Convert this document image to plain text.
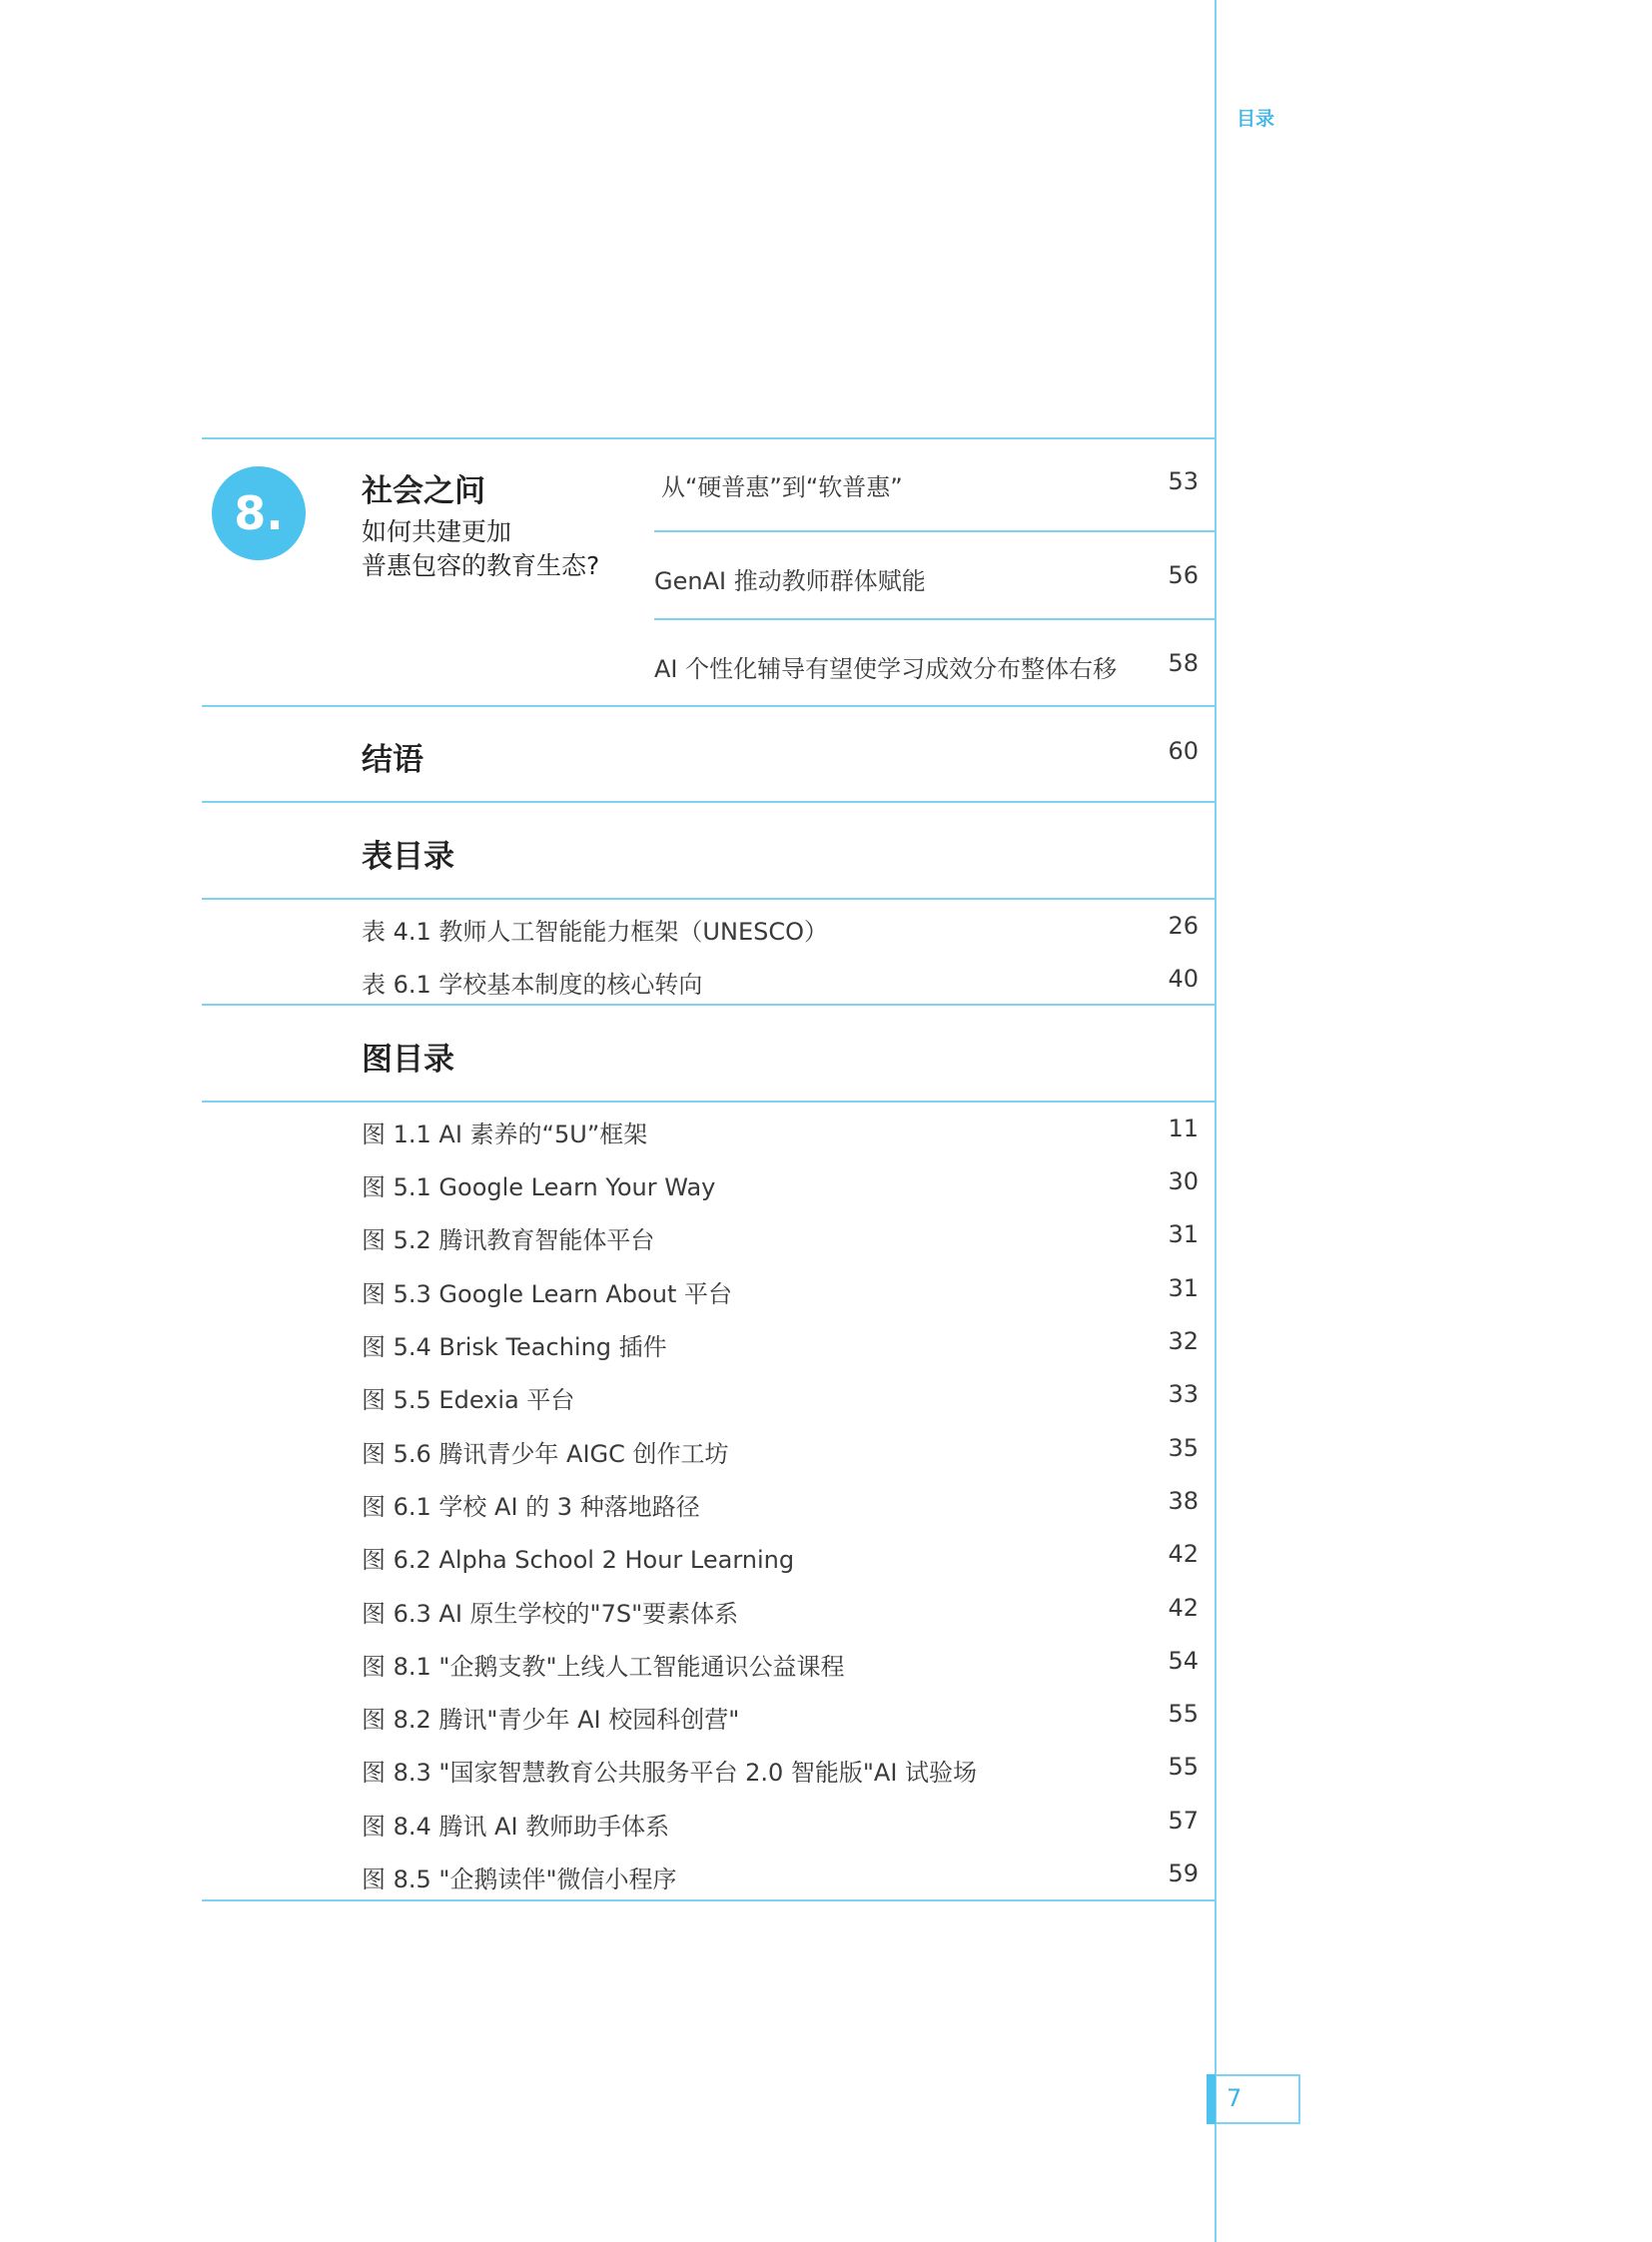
目录
8.	社会之问
如何共建更加
普惠包容的教育生态?
从“硬普惠”到“软普惠”	53
GenAI 推动教师群体赋能	56
AI 个性化辅导有望使学习成效分布整体右移	58
结语	60
表目录
表 4.1 教师人工智能能力框架（UNESCO）	26
表 6.1 学校基本制度的核心转向	40
图目录
图 1.1 AI 素养的“5U”框架	11
图 5.1 Google Learn Your Way	30
图 5.2 腾讯教育智能体平台	31
图 5.3 Google Learn About 平台	31
图 5.4 Brisk Teaching 插件	32
图 5.5 Edexia 平台	33
图 5.6 腾讯青少年 AIGC 创作工坊	35
图 6.1 学校 AI 的 3 种落地路径	38
图 6.2 Alpha School 2 Hour Learning	42
图 6.3 AI 原生学校的"7S"要素体系	42
图 8.1 "企鹅支教"上线人工智能通识公益课程	54
图 8.2 腾讯"青少年 AI 校园科创营"	55
图 8.3 "国家智慧教育公共服务平台 2.0 智能版"AI 试验场	55
图 8.4 腾讯 AI 教师助手体系	57
图 8.5 "企鹅读伴"微信小程序	59
7
